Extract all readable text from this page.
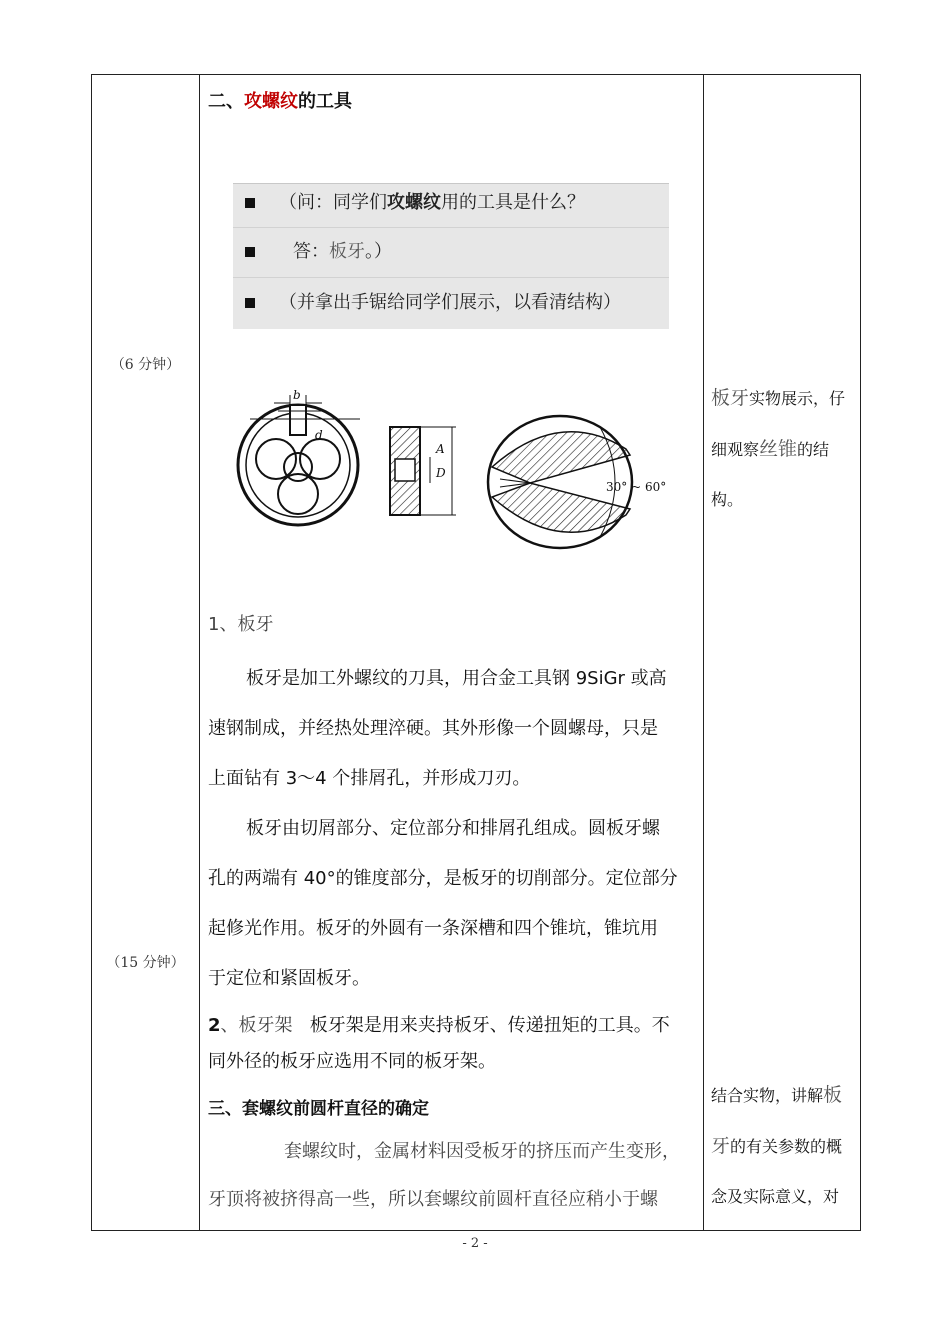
（6 分钟）
（15 分钟）
二、攻螺纹的工具
（问：同学们攻螺纹用的工具是什么？
答：板牙。）
（并拿出手锯给同学们展示，以看清结构）
b
d
A
D
30° ~ 60°
1、板牙
板牙是加工外螺纹的刀具，用合金工具钢 9SiGr 或高
速钢制成，并经热处理淬硬。其外形像一个圆螺母，只是
上面钻有 3～4 个排屑孔，并形成刀刃。
板牙由切屑部分、定位部分和排屑孔组成。圆板牙螺
孔的两端有 40°的锥度部分，是板牙的切削部分。定位部分
起修光作用。板牙的外圆有一条深槽和四个锥坑，锥坑用
于定位和紧固板牙。
2、板牙架 板牙架是用来夹持板牙、传递扭矩的工具。不
同外径的板牙应选用不同的板牙架。
三、套螺纹前圆杆直径的确定
套螺纹时，金属材料因受板牙的挤压而产生变形，
牙顶将被挤得高一些，所以套螺纹前圆杆直径应稍小于螺
板牙实物展示，仔
细观察丝锥的结
构。
结合实物，讲解板
牙的有关参数的概
念及实际意义，对
- 2 -
